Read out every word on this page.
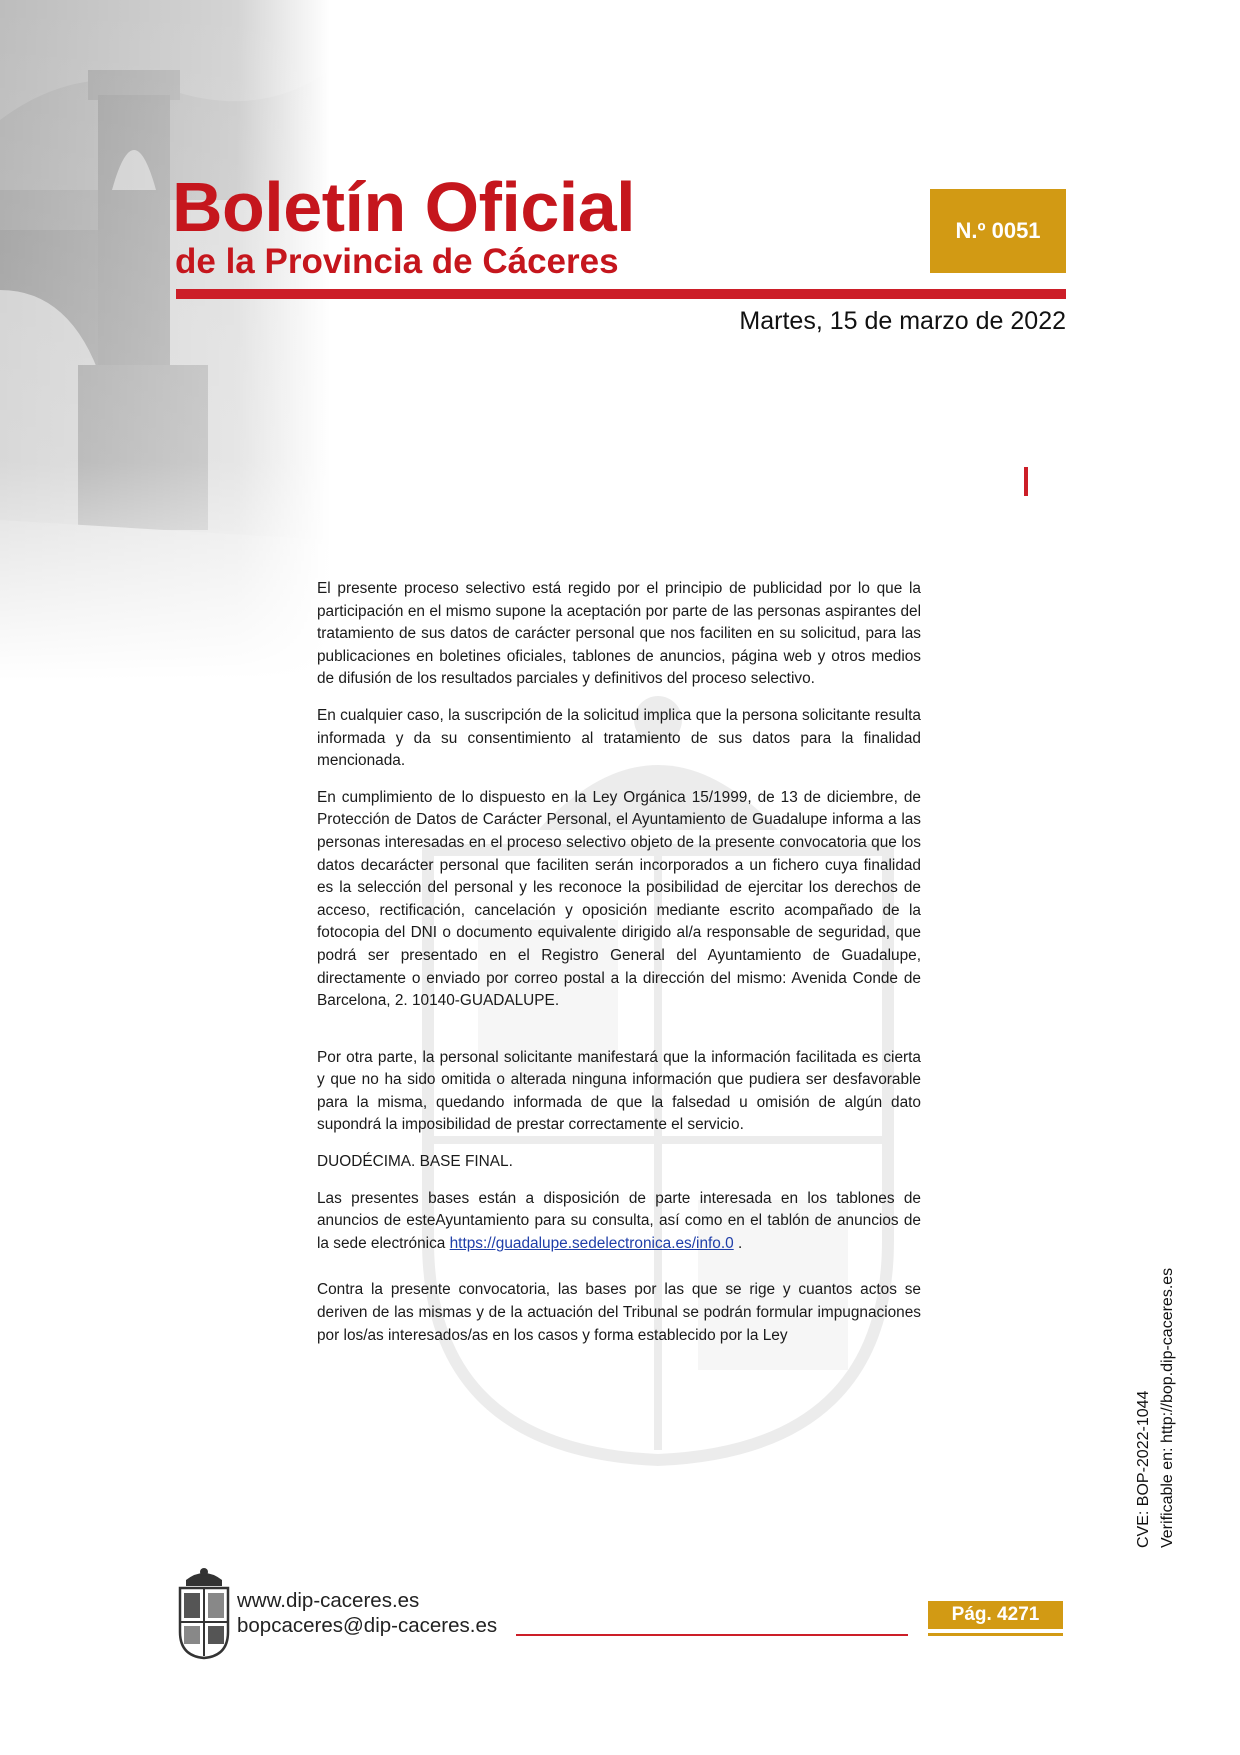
Boletín Oficial
de la Provincia de Cáceres
N.º 0051
Martes, 15 de marzo de 2022

El presente proceso selectivo está regido por el principio de publicidad por lo que la participación en el mismo supone la aceptación por parte de las personas aspirantes del tratamiento de sus datos de carácter personal que nos faciliten en su solicitud, para las publicaciones en boletines oficiales, tablones de anuncios, página web y otros medios de difusión de los resultados parciales y definitivos del proceso selectivo.

En cualquier caso, la suscripción de la solicitud implica que la persona solicitante resulta informada y da su consentimiento al tratamiento de sus datos para la finalidad mencionada.

En cumplimiento de lo dispuesto en la Ley Orgánica 15/1999, de 13 de diciembre, de Protección de Datos de Carácter Personal, el Ayuntamiento de Guadalupe informa a las personas interesadas en el proceso selectivo objeto de la presente convocatoria que los datos decarácter personal que faciliten serán incorporados a un fichero cuya finalidad es la selección del personal y les reconoce la posibilidad de ejercitar los derechos de acceso, rectificación, cancelación y oposición mediante escrito acompañado de la fotocopia del DNI o documento equivalente dirigido al/a responsable de seguridad, que podrá ser presentado en el Registro General del Ayuntamiento de Guadalupe, directamente o enviado por correo postal a la dirección del mismo: Avenida Conde de Barcelona, 2. 10140-GUADALUPE.

Por otra parte, la personal solicitante manifestará que la información facilitada es cierta y que no ha sido omitida o alterada ninguna información que pudiera ser desfavorable para la misma, quedando informada de que la falsedad u omisión de algún dato supondrá la imposibilidad de prestar correctamente el servicio.

DUODÉCIMA. BASE FINAL.

Las presentes bases están a disposición de parte interesada en los tablones de anuncios de esteAyuntamiento para su consulta, así como en el tablón de anuncios de la sede electrónica https://guadalupe.sedelectronica.es/info.0 .

Contra la presente convocatoria, las bases por las que se rige y cuantos actos se deriven de las mismas y de la actuación del Tribunal se podrán formular impugnaciones por los/as interesados/as en los casos y forma establecido por la Ley

CVE: BOP-2022-1044 Verificable en: http://bop.dip-caceres.es
www.dip-caceres.es
bopcaceres@dip-caceres.es	Pág. 4271
